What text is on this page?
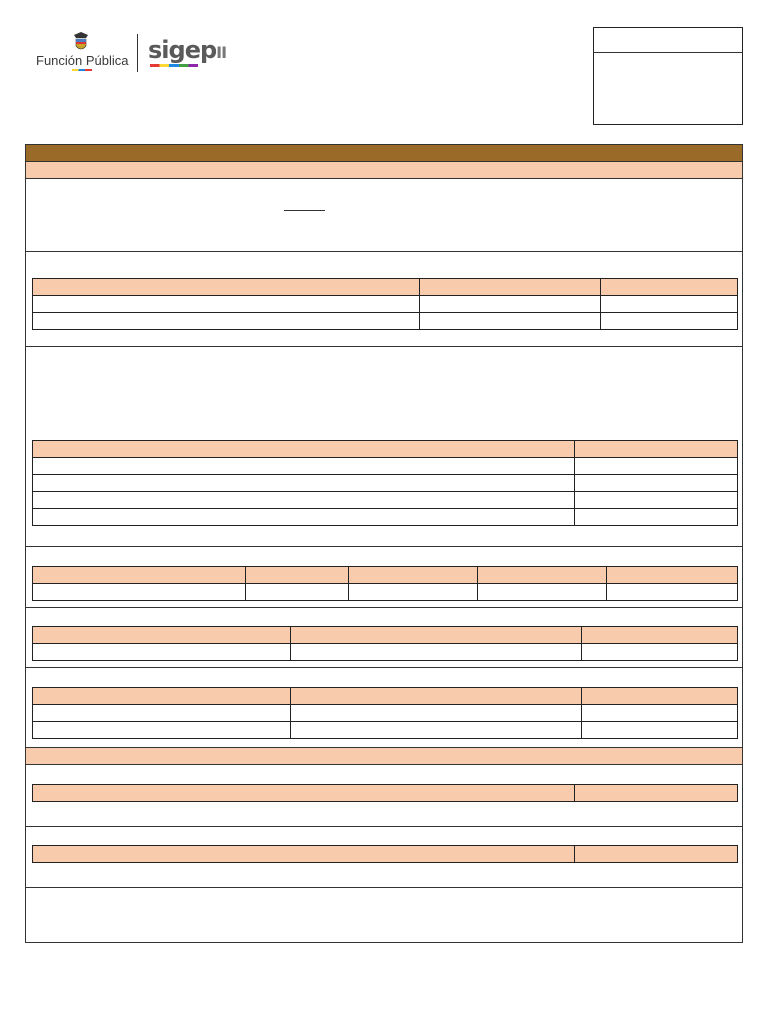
Función Pública sigepII
